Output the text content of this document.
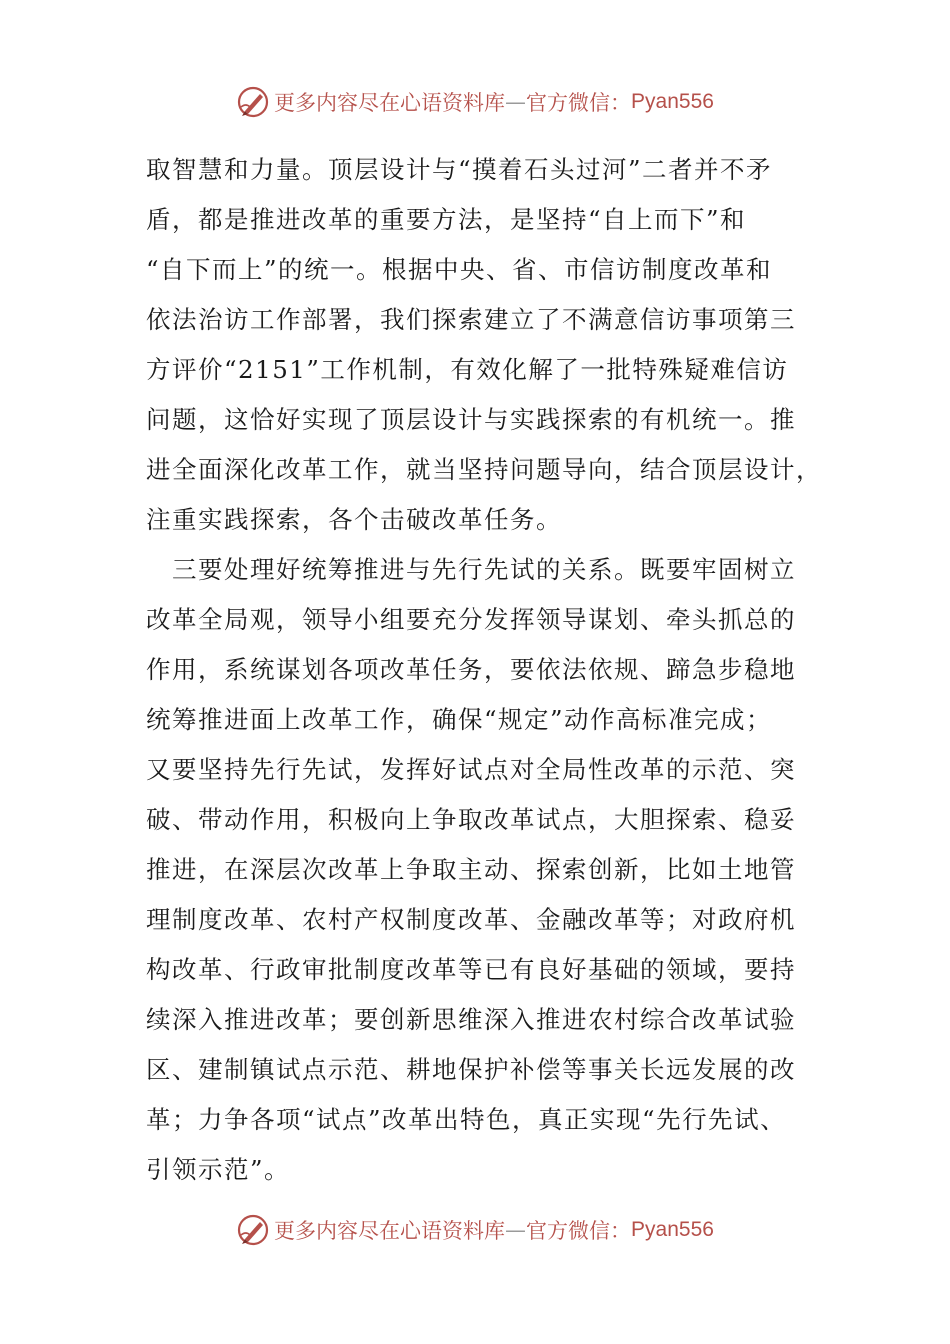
更多内容尽在心语资料库 — 官方微信： Pyan556
取智慧和力量。顶层设计与“摸着石头过河”二者并不矛
盾，都是推进改革的重要方法，是坚持“自上而下”和
“自下而上”的统一。根据中央、省、市信访制度改革和
依法治访工作部署，我们探索建立了不满意信访事项第三
方评价“2151”工作机制，有效化解了一批特殊疑难信访
问题，这恰好实现了顶层设计与实践探索的有机统一。推
进全面深化改革工作，就当坚持问题导向，结合顶层设计，
注重实践探索，各个击破改革任务。
　三要处理好统筹推进与先行先试的关系。既要牢固树立
改革全局观，领导小组要充分发挥领导谋划、牵头抓总的
作用，系统谋划各项改革任务，要依法依规、蹄急步稳地
统筹推进面上改革工作，确保“规定”动作高标准完成；
又要坚持先行先试，发挥好试点对全局性改革的示范、突
破、带动作用，积极向上争取改革试点，大胆探索、稳妥
推进，在深层次改革上争取主动、探索创新，比如土地管
理制度改革、农村产权制度改革、金融改革等；对政府机
构改革、行政审批制度改革等已有良好基础的领域，要持
续深入推进改革；要创新思维深入推进农村综合改革试验
区、建制镇试点示范、耕地保护补偿等事关长远发展的改
革；力争各项“试点”改革出特色，真正实现“先行先试、
引领示范”。
更多内容尽在心语资料库 — 官方微信： Pyan556
